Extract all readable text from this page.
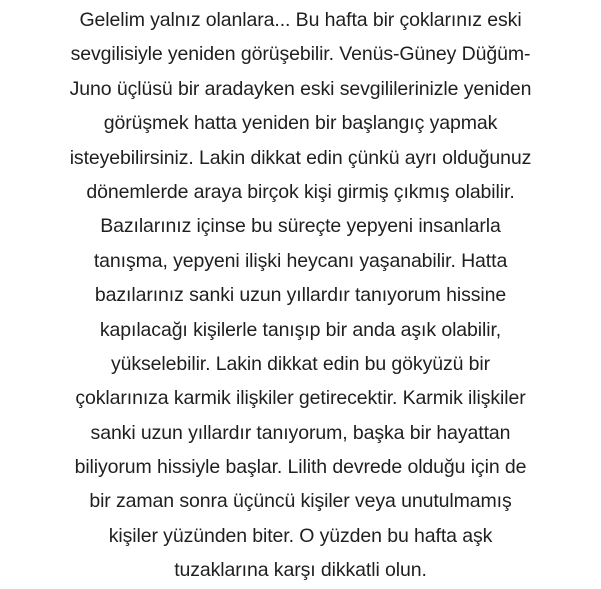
Gelelim yalnız olanlara... Bu hafta bir çoklarınız eski
sevgilisiyle yeniden görüşebilir. Venüs-Güney Düğüm-
Juno üçlüsü bir aradayken eski sevgililerinizle yeniden
görüşmek hatta yeniden bir başlangıç yapmak
isteyebilirsiniz. Lakin dikkat edin çünkü ayrı olduğunuz
dönemlerde araya birçok kişi girmiş çıkmış olabilir.
Bazılarınız içinse bu süreçte yepyeni insanlarla
tanışma, yepyeni ilişki heycanı yaşanabilir. Hatta
bazılarınız sanki uzun yıllardır tanıyorum hissine
kapılacağı kişilerle tanışıp bir anda aşık olabilir,
yükselebilir. Lakin dikkat edin bu gökyüzü bir
çoklarınıza karmik ilişkiler getirecektir. Karmik ilişkiler
sanki uzun yıllardır tanıyorum, başka bir hayattan
biliyorum hissiyle başlar. Lilith devrede olduğu için de
bir zaman sonra üçüncü kişiler veya unutulmamış
kişiler yüzünden biter. O yüzden bu hafta aşk
tuzaklarına karşı dikkatli olun.
